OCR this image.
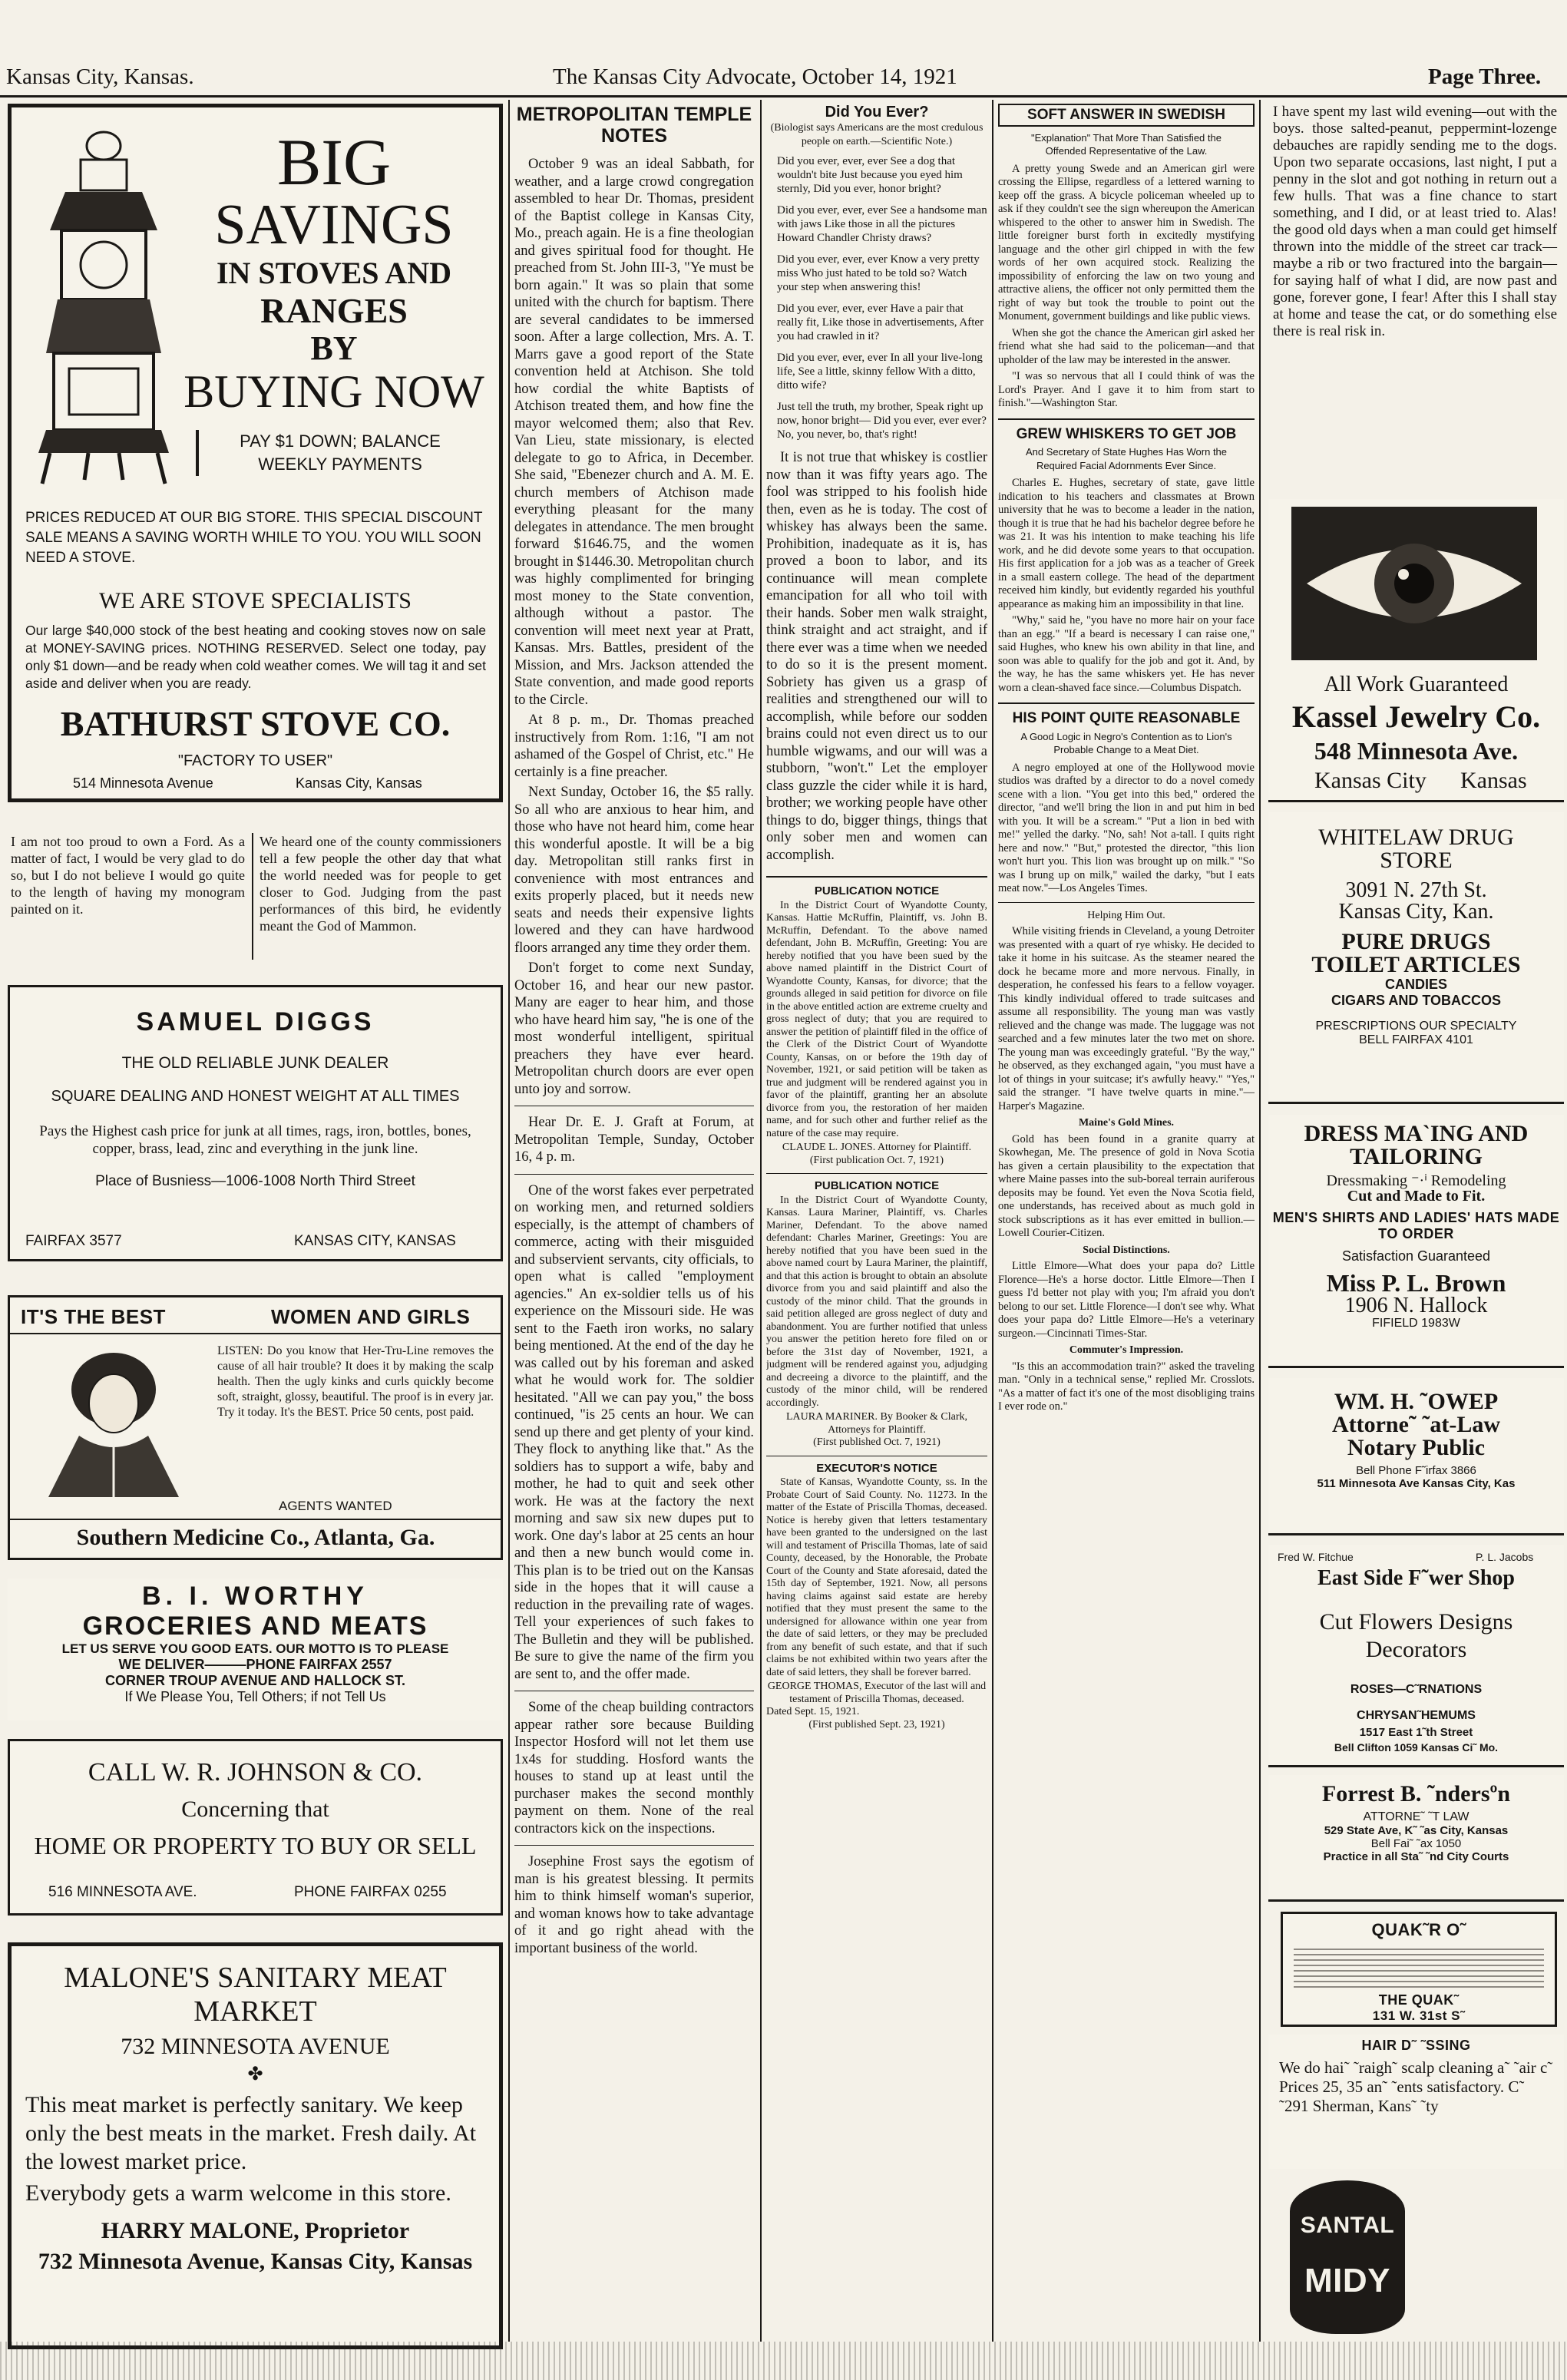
Kansas City, Kansas.	The Kansas City Advocate, October 14, 1921	Page Three.
BIG
SAVINGS
IN STOVES AND
RANGES
BY
BUYING NOW
PAY $1 DOWN; BALANCE WEEKLY PAYMENTS
PRICES REDUCED AT OUR BIG STORE. THIS SPECIAL DISCOUNT SALE MEANS A SAVING WORTH WHILE TO YOU. YOU WILL SOON NEED A STOVE.
WE ARE STOVE SPECIALISTS
Our large $40,000 stock of the best heating and cooking stoves now on sale at MONEY-SAVING prices. NOTHING RESERVED. Select one today, pay only $1 down—and be ready when cold weather comes. We will tag it and set aside and deliver when you are ready.
BATHURST STOVE CO.
"FACTORY TO USER"
514 Minnesota Avenue	Kansas City, Kansas
I am not too proud to own a Ford. As a matter of fact, I would be very glad to do so, but I do not believe I would go quite to the length of having my monogram painted on it.
We heard one of the county commissioners tell a few people the other day that what the world needed was for people to get closer to God. Judging from the past performances of this bird, he evidently meant the God of Mammon.
SAMUEL DIGGS
THE OLD RELIABLE JUNK DEALER
SQUARE DEALING AND HONEST WEIGHT AT ALL TIMES
Pays the Highest cash price for junk at all times, rags, iron, bottles, bones, copper, brass, lead, zinc and everything in the junk line.
Place of Busniess—1006-1008 North Third Street
FAIRFAX 3577	KANSAS CITY, KANSAS
IT'S THE BEST	WOMEN AND GIRLS
LISTEN: Do you know that Her-Tru-Line removes the cause of all hair trouble? It does it by making the scalp health. Then the ugly kinks and curls quickly become soft, straight, glossy, beautiful. The proof is in every jar. Try it today. It's the BEST. Price 50 cents, post paid.
AGENTS WANTED
Southern Medicine Co., Atlanta, Ga.
B. I. WORTHY
GROCERIES AND MEATS
LET US SERVE YOU GOOD EATS. OUR MOTTO IS TO PLEASE
WE DELIVER———PHONE FAIRFAX 2557
CORNER TROUP AVENUE AND HALLOCK ST.
If We Please You, Tell Others; if not Tell Us
CALL W. R. JOHNSON & CO.
Concerning that
HOME OR PROPERTY TO BUY OR SELL
516 MINNESOTA AVE.	PHONE FAIRFAX 0255
MALONE'S SANITARY MEAT
MARKET
732 MINNESOTA AVENUE
✤
This meat market is perfectly sanitary. We keep only the best meats in the market. Fresh daily. At the lowest market price.
Everybody gets a warm welcome in this store.
HARRY MALONE, Proprietor
732 Minnesota Avenue, Kansas City, Kansas
METROPOLITAN TEMPLE NOTES

October 9 was an ideal Sabbath, for weather, and a large crowd congregation assembled to hear Dr. Thomas, president of the Baptist college in Kansas City, Mo., preach again. He is a fine theologian and gives spiritual food for thought. He preached from St. John III-3, "Ye must be born again." It was so plain that some united with the church for baptism. There are several candidates to be immersed soon. After a large collection, Mrs. A. T. Marrs gave a good report of the State convention held at Atchison. She told how cordial the white Baptists of Atchison treated them, and how fine the mayor welcomed them; also that Rev. Van Lieu, state missionary, is elected delegate to go to Africa, in December. She said, "Ebenezer church and A. M. E. church members of Atchison made everything pleasant for the many delegates in attendance. The men brought forward $1646.75, and the women brought in $1446.30. Metropolitan church was highly complimented for bringing most money to the State convention, although without a pastor. The convention will meet next year at Pratt, Kansas. Mrs. Battles, president of the Mission, and Mrs. Jackson attended the State convention, and made good reports to the Circle.

At 8 p. m., Dr. Thomas preached instructively from Rom. 1:16, "I am not ashamed of the Gospel of Christ, etc." He certainly is a fine preacher.

Next Sunday, October 16, the $5 rally. So all who are anxious to hear him, and those who have not heard him, come hear this wonderful apostle. It will be a big day. Metropolitan still ranks first in convenience with most entrances and exits properly placed, but it needs new seats and needs their expensive lights lowered and they can have hardwood floors arranged any time they order them.

Don't forget to come next Sunday, October 16, and hear our new pastor. Many are eager to hear him, and those who have heard him say, "he is one of the most wonderful intelligent, spiritual preachers they have ever heard. Metropolitan church doors are ever open unto joy and sorrow.

Hear Dr. E. J. Graft at Forum, at Metropolitan Temple, Sunday, October 16, 4 p. m.

One of the worst fakes ever perpetrated on working men, and returned soldiers especially, is the attempt of chambers of commerce, acting with their misguided and subservient servants, city officials, to open what is called "employment agencies." An ex-soldier tells us of his experience on the Missouri side. He was sent to the Faeth iron works, no salary being mentioned. At the end of the day he was called out by his foreman and asked what he would work for. The soldier hesitated. "All we can pay you," the boss continued, "is 25 cents an hour. We can send up there and get plenty of your kind. They flock to anything like that." As the soldiers has to support a wife, baby and mother, he had to quit and seek other work. He was at the factory the next morning and saw six new dupes put to work. One day's labor at 25 cents an hour and then a new bunch would come in. This plan is to be tried out on the Kansas side in the hopes that it will cause a reduction in the prevailing rate of wages. Tell your experiences of such fakes to The Bulletin and they will be published. Be sure to give the name of the firm you are sent to, and the offer made.

Some of the cheap building contractors appear rather sore because Building Inspector Hosford will not let them use 1x4s for studding. Hosford wants the houses to stand up at least until the purchaser makes the second monthly payment on them. None of the real contractors kick on the inspections.

Josephine Frost says the egotism of man is his greatest blessing. It permits him to think himself woman's superior, and woman knows how to take advantage of it and go right ahead with the important business of the world.

Did You Ever?
(Biologist says Americans are the most credulous people on earth.—Scientific Note.)

Did you ever, ever, ever See a dog that wouldn't bite Just because you eyed him sternly, Did you ever, honor bright?

Did you ever, ever, ever See a handsome man with jaws Like those in all the pictures Howard Chandler Christy draws?

Did you ever, ever, ever Know a very pretty miss Who just hated to be told so? Watch your step when answering this!

Did you ever, ever, ever Have a pair that really fit, Like those in advertisements, After you had crawled in it?

Did you ever, ever, ever In all your live-long life, See a little, skinny fellow With a ditto, ditto wife?

Just tell the truth, my brother, Speak right up now, honor bright— Did you ever, ever ever? No, you never, bo, that's right!

It is not true that whiskey is costlier now than it was fifty years ago. The fool was stripped to his foolish hide then, even as he is today. The cost of whiskey has always been the same. Prohibition, inadequate as it is, has proved a boon to labor, and its continuance will mean complete emancipation for all who toil with their hands. Sober men walk straight, think straight and act straight, and if there ever was a time when we needed to do so it is the present moment. Sobriety has given us a grasp of realities and strengthened our will to accomplish, while before our sodden brains could not even direct us to our humble wigwams, and our will was a stubborn, "won't." Let the employer class guzzle the cider while it is hard, brother; we working people have other things to do, bigger things, things that only sober men and women can accomplish.

PUBLICATION NOTICE

In the District Court of Wyandotte County, Kansas. Hattie McRuffin, Plaintiff, vs. John B. McRuffin, Defendant. To the above named defendant, John B. McRuffin, Greeting: You are hereby notified that you have been sued by the above named plaintiff in the District Court of Wyandotte County, Kansas, for divorce; that the grounds alleged in said petition for divorce on file in the above entitled action are extreme cruelty and gross neglect of duty; that you are required to answer the petition of plaintiff filed in the office of the Clerk of the District Court of Wyandotte County, Kansas, on or before the 19th day of November, 1921, or said petition will be taken as true and judgment will be rendered against you in favor of the plaintiff, granting her an absolute divorce from you, the restoration of her maiden name, and for such other and further relief as the nature of the case may require.

CLAUDE L. JONES. Attorney for Plaintiff.
(First publication Oct. 7, 1921)
PUBLICATION NOTICE

In the District Court of Wyandotte County, Kansas. Laura Mariner, Plaintiff, vs. Charles Mariner, Defendant. To the above named defendant: Charles Mariner, Greetings: You are hereby notified that you have been sued in the above named court by Laura Mariner, the plaintiff, and that this action is brought to obtain an absolute divorce from you and said plaintiff and also the custody of the minor child. That the grounds in said petition alleged are gross neglect of duty and abandonment. You are further notified that unless you answer the petition hereto fore filed on or before the 31st day of November, 1921, a judgment will be rendered against you, adjudging and decreeing a divorce to the plaintiff, and the custody of the minor child, will be rendered accordingly.

LAURA MARINER. By Booker & Clark, Attorneys for Plaintiff.
(First published Oct. 7, 1921)
EXECUTOR'S NOTICE

State of Kansas, Wyandotte County, ss. In the Probate Court of Said County. No. 11273. In the matter of the Estate of Priscilla Thomas, deceased. Notice is hereby given that letters testamentary have been granted to the undersigned on the last will and testament of Priscilla Thomas, late of said County, deceased, by the Honorable, the Probate Court of the County and State aforesaid, dated the 15th day of September, 1921. Now, all persons having claims against said estate are hereby notified that they must present the same to the undersigned for allowance within one year from the date of said letters, or they may be precluded from any benefit of such estate, and that if such claims be not exhibited within two years after the date of said letters, they shall be forever barred.

GEORGE THOMAS, Executor of the last will and testament of Priscilla Thomas, deceased.
Dated Sept. 15, 1921.
(First published Sept. 23, 1921)
SOFT ANSWER IN SWEDISH
"Explanation" That More Than Satisfied the Offended Representative of the Law.

A pretty young Swede and an American girl were crossing the Ellipse, regardless of a lettered warning to keep off the grass. A bicycle policeman wheeled up to ask if they couldn't see the sign whereupon the American whispered to the other to answer him in Swedish. The little foreigner burst forth in excitedly mystifying language and the other girl chipped in with the few words of her own acquired stock. Realizing the impossibility of enforcing the law on two young and attractive aliens, the officer not only permitted them the right of way but took the trouble to point out the Monument, government buildings and like public views.

When she got the chance the American girl asked her friend what she had said to the policeman—and that upholder of the law may be interested in the answer.

"I was so nervous that all I could think of was the Lord's Prayer. And I gave it to him from start to finish."—Washington Star.

GREW WHISKERS TO GET JOB
And Secretary of State Hughes Has Worn the Required Facial Adornments Ever Since.

Charles E. Hughes, secretary of state, gave little indication to his teachers and classmates at Brown university that he was to become a leader in the nation, though it is true that he had his bachelor degree before he was 21. It was his intention to make teaching his life work, and he did devote some years to that occupation. His first application for a job was as a teacher of Greek in a small eastern college. The head of the department received him kindly, but evidently regarded his youthful appearance as making him an impossibility in that line.

"Why," said he, "you have no more hair on your face than an egg." "If a beard is necessary I can raise one," said Hughes, who knew his own ability in that line, and soon was able to qualify for the job and got it. And, by the way, he has the same whiskers yet. He has never worn a clean-shaved face since.—Columbus Dispatch.

HIS POINT QUITE REASONABLE
A Good Logic in Negro's Contention as to Lion's Probable Change to a Meat Diet.

A negro employed at one of the Hollywood movie studios was drafted by a director to do a novel comedy scene with a lion. "You get into this bed," ordered the director, "and we'll bring the lion in and put him in bed with you. It will be a scream." "Put a lion in bed with me!" yelled the darky. "No, sah! Not a-tall. I quits right here and now." "But," protested the director, "this lion won't hurt you. This lion was brought up on milk." "So was I brung up on milk," wailed the darky, "but I eats meat now."—Los Angeles Times.

Helping Him Out.

While visiting friends in Cleveland, a young Detroiter was presented with a quart of rye whisky. He decided to take it home in his suitcase. As the steamer neared the dock he became more and more nervous. Finally, in desperation, he confessed his fears to a fellow voyager. This kindly individual offered to trade suitcases and assume all responsibility. The young man was vastly relieved and the change was made. The luggage was not searched and a few minutes later the two met on shore. The young man was exceedingly grateful. "By the way," he observed, as they exchanged again, "you must have a lot of things in your suitcase; it's awfully heavy." "Yes," said the stranger. "I have twelve quarts in mine."—Harper's Magazine.

Maine's Gold Mines.

Gold has been found in a granite quarry at Skowhegan, Me. The presence of gold in Nova Scotia has given a certain plausibility to the expectation that where Maine passes into the sub-boreal terrain auriferous deposits may be found. Yet even the Nova Scotia field, one understands, has received about as much gold in stock subscriptions as it has ever emitted in bullion.—Lowell Courier-Citizen.

Social Distinctions.

Little Elmore—What does your papa do? Little Florence—He's a horse doctor. Little Elmore—Then I guess I'd better not play with you; I'm afraid you don't belong to our set. Little Florence—I don't see why. What does your papa do? Little Elmore—He's a veterinary surgeon.—Cincinnati Times-Star.

Commuter's Impression.

"Is this an accommodation train?" asked the traveling man. "Only in a technical sense," replied Mr. Crosslots. "As a matter of fact it's one of the most disobliging trains I ever rode on."

I have spent my last wild evening—out with the boys. those salted-peanut, peppermint-lozenge debauches are rapidly sending me to the dogs. Upon two separate occasions, last night, I put a penny in the slot and got nothing in return out a few hulls. That was a fine chance to start something, and I did, or at least tried to. Alas! the good old days when a man could get himself thrown into the middle of the street car track—maybe a rib or two fractured into the bargain—for saying half of what I did, are now past and gone, forever gone, I fear! After this I shall stay at home and tease the cat, or do something else there is real risk in.
All Work Guaranteed
Kassel Jewelry Co.
548 Minnesota Ave.
Kansas City Kansas
WHITELAW DRUG
STORE
3091 N. 27th St.
Kansas City, Kan.
PURE DRUGS
TOILET ARTICLES
CANDIES
CIGARS AND TOBACCOS
PRESCRIPTIONS OUR SPECIALTY
BELL FAIRFAX 4101
DRESS MA`ING AND
TAILORING
Dressmaking ⁻·ⁱ Remodeling
Cut and Made to Fit.
MEN'S SHIRTS AND LADIES' HATS MADE TO ORDER
Satisfaction Guaranteed
Miss P. L. Brown
1906 N. Hallock
FIFIELD 1983W
WM. H. ˜OWEP
Attorne˜ ˜at-Law
Notary Public
Bell Phone F˜irfax 3866
511 Minnesota Ave Kansas City, Kas
Fred W. Fitchue	P. L. Jacobs
East Side F˜wer Shop
Cut Flowers Designs
Decorators
ROSES—C˜RNATIONS
CHRYSAN˜HEMUMS
1517 East 1˜th Street
Bell Clifton 1059 Kansas Ci˜ Mo.
Forrest B. ˜ndersºn
ATTORNE˜ ˜T LAW
529 State Ave, K˜ ˜as City, Kansas
Bell Fai˜ ˜ax 1050
Practice in all Sta˜ ˜nd City Courts
QUAK˜R O˜
THE QUAK˜
131 W. 31st S˜
HAIR D˜ ˜SSING
We do hai˜ ˜raigh˜ scalp cleaning a˜ ˜air c˜ Prices 25, 35 an˜ ˜ents satisfactory. C˜ ˜291 Sherman, Kans˜ ˜ty
SANTAL
MIDY
